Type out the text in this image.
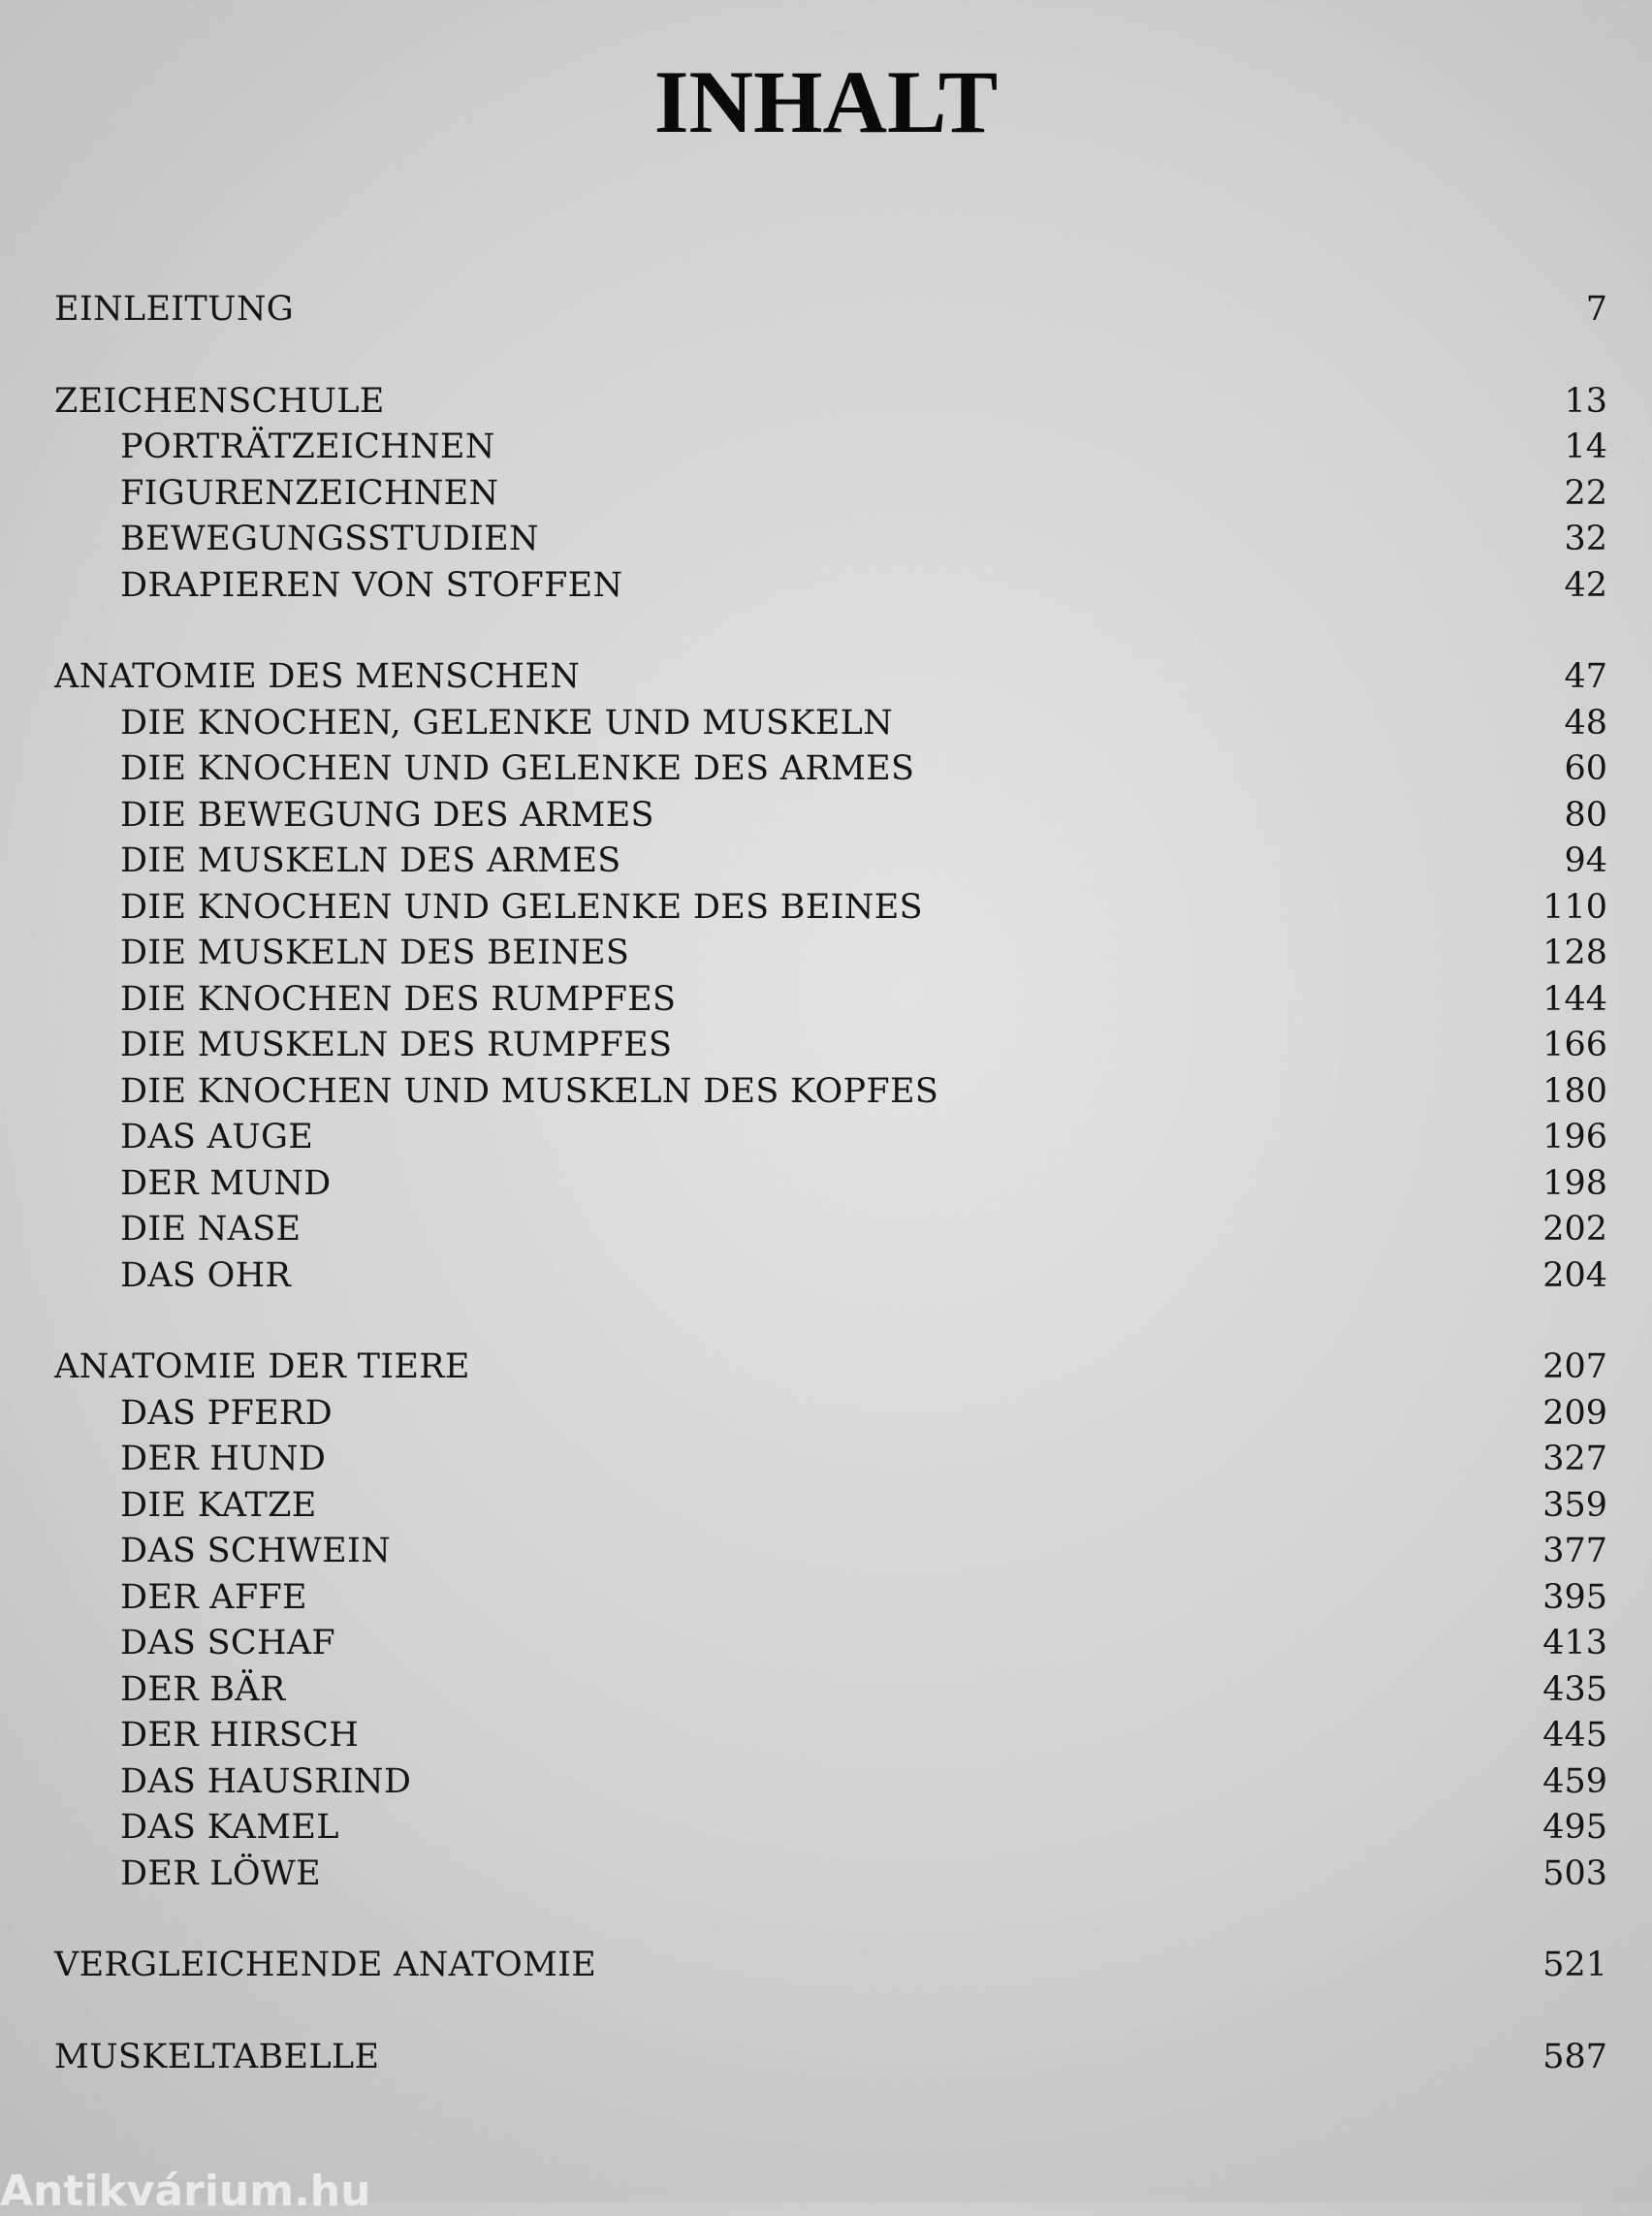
INHALT
EINLEITUNG	7
ZEICHENSCHULE	13
PORTRÄTZEICHNEN	14
FIGURENZEICHNEN	22
BEWEGUNGSSTUDIEN	32
DRAPIEREN VON STOFFEN	42
ANATOMIE DES MENSCHEN	47
DIE KNOCHEN, GELENKE UND MUSKELN	48
DIE KNOCHEN UND GELENKE DES ARMES	60
DIE BEWEGUNG DES ARMES	80
DIE MUSKELN DES ARMES	94
DIE KNOCHEN UND GELENKE DES BEINES	110
DIE MUSKELN DES BEINES	128
DIE KNOCHEN DES RUMPFES	144
DIE MUSKELN DES RUMPFES	166
DIE KNOCHEN UND MUSKELN DES KOPFES	180
DAS AUGE	196
DER MUND	198
DIE NASE	202
DAS OHR	204
ANATOMIE DER TIERE	207
DAS PFERD	209
DER HUND	327
DIE KATZE	359
DAS SCHWEIN	377
DER AFFE	395
DAS SCHAF	413
DER BÄR	435
DER HIRSCH	445
DAS HAUSRIND	459
DAS KAMEL	495
DER LÖWE	503
VERGLEICHENDE ANATOMIE	521
MUSKELTABELLE	587
Antikvárium.hu
